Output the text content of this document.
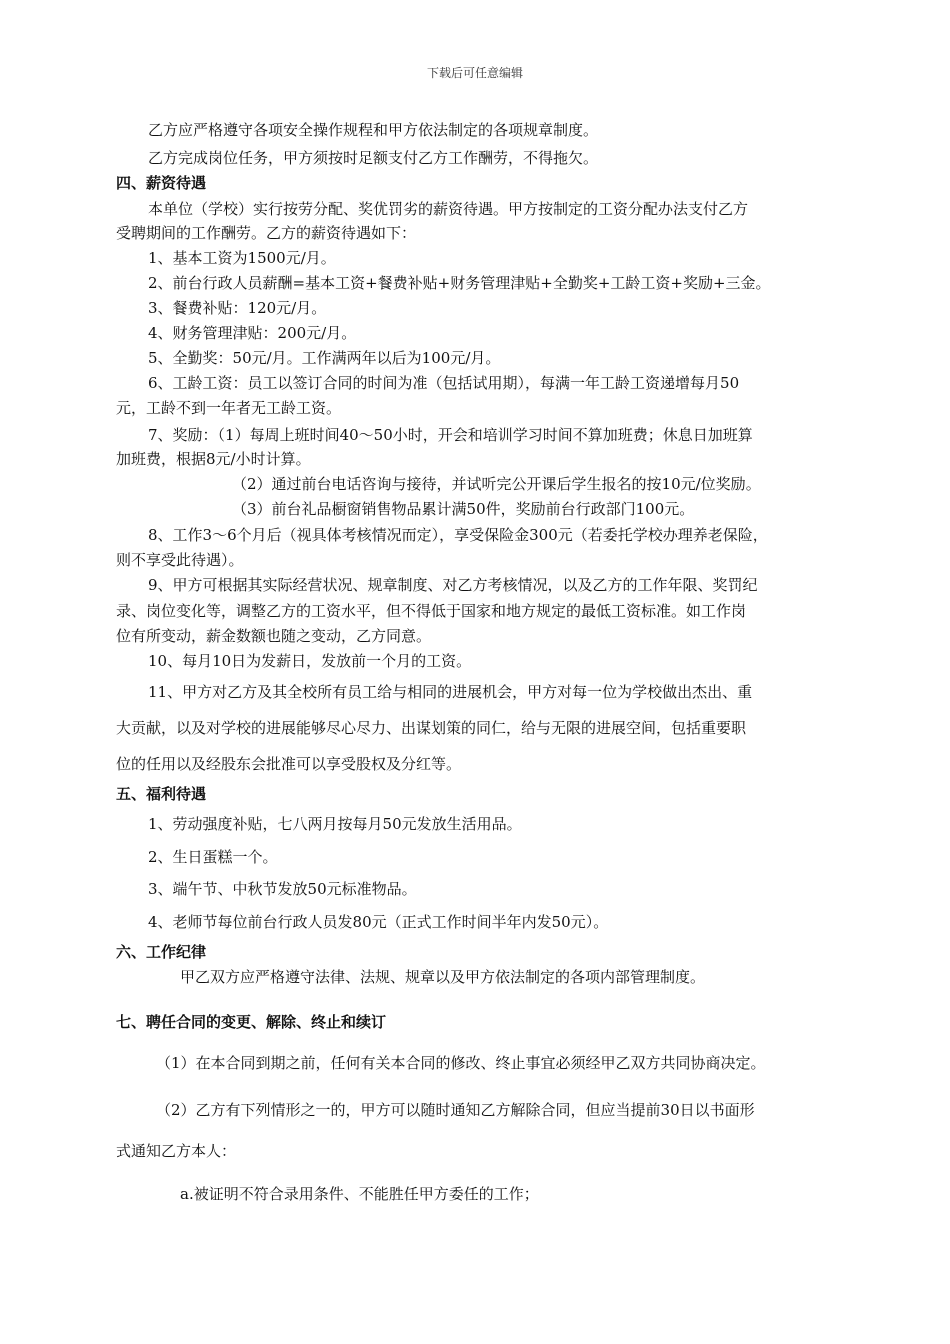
下载后可任意编辑
乙方应严格遵守各项安全操作规程和甲方依法制定的各项规章制度。
乙方完成岗位任务，甲方须按时足额支付乙方工作酬劳，不得拖欠。
四、薪资待遇
本单位（学校）实行按劳分配、奖优罚劣的薪资待遇。甲方按制定的工资分配办法支付乙方
受聘期间的工作酬劳。乙方的薪资待遇如下：
1、基本工资为1500元/月。
2、前台行政人员薪酬=基本工资+餐费补贴+财务管理津贴+全勤奖+工龄工资+奖励+三金。
3、餐费补贴：120元/月。
4、财务管理津贴：200元/月。
5、全勤奖：50元/月。工作满两年以后为100元/月。
6、工龄工资：员工以签订合同的时间为准（包括试用期），每满一年工龄工资递增每月50
元，工龄不到一年者无工龄工资。
7、奖励：（1）每周上班时间40～50小时，开会和培训学习时间不算加班费；休息日加班算
加班费，根据8元/小时计算。
（2）通过前台电话咨询与接待，并试听完公开课后学生报名的按10元/位奖励。
（3）前台礼品橱窗销售物品累计满50件，奖励前台行政部门100元。
8、工作3～6个月后（视具体考核情况而定），享受保险金300元（若委托学校办理养老保险，
则不享受此待遇）。
9、甲方可根据其实际经营状况、规章制度、对乙方考核情况，以及乙方的工作年限、奖罚纪
录、岗位变化等，调整乙方的工资水平，但不得低于国家和地方规定的最低工资标准。如工作岗
位有所变动，薪金数额也随之变动，乙方同意。
10、每月10日为发薪日，发放前一个月的工资。
11、甲方对乙方及其全校所有员工给与相同的进展机会，甲方对每一位为学校做出杰出、重
大贡献，以及对学校的进展能够尽心尽力、出谋划策的同仁，给与无限的进展空间，包括重要职
位的任用以及经股东会批准可以享受股权及分红等。
五、福利待遇
1、劳动强度补贴，七八两月按每月50元发放生活用品。
2、生日蛋糕一个。
3、端午节、中秋节发放50元标准物品。
4、老师节每位前台行政人员发80元（正式工作时间半年内发50元）。
六、工作纪律
甲乙双方应严格遵守法律、法规、规章以及甲方依法制定的各项内部管理制度。
七、聘任合同的变更、解除、终止和续订
（1）在本合同到期之前，任何有关本合同的修改、终止事宜必须经甲乙双方共同协商决定。
（2）乙方有下列情形之一的，甲方可以随时通知乙方解除合同，但应当提前30日以书面形
式通知乙方本人：
a.被证明不符合录用条件、不能胜任甲方委任的工作；
